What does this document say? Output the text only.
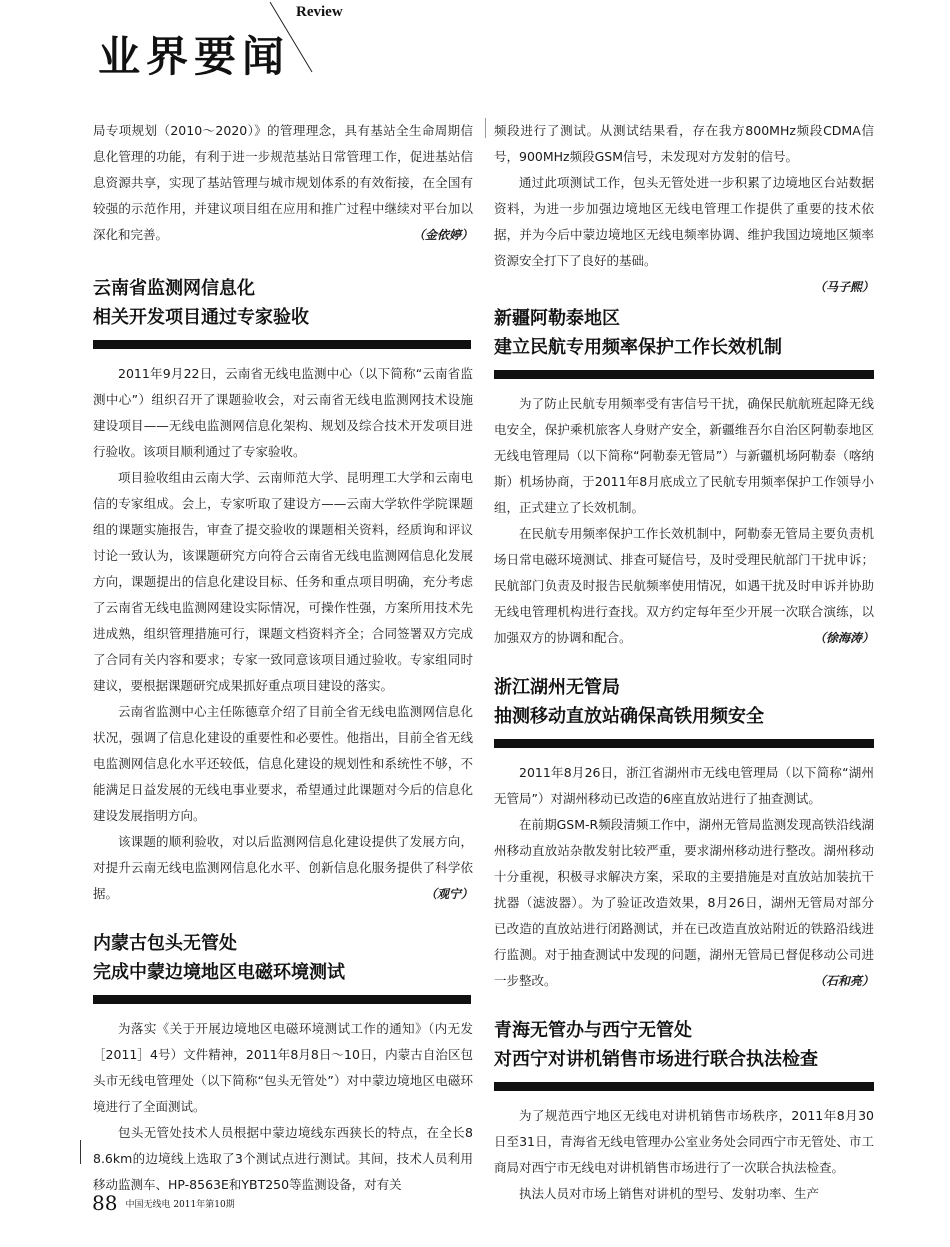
业界要闻
Review

局专项规划（2010～2020）》的管理理念，具有基站全生命周期信息化管理的功能，有利于进一步规范基站日常管理工作，促进基站信息资源共享，实现了基站管理与城市规划体系的有效衔接，在全国有较强的示范作用，并建议项目组在应用和推广过程中继续对平台加以深化和完善。	（金依婷）

云南省监测网信息化
相关开发项目通过专家验收

2011年9月22日，云南省无线电监测中心（以下简称“云南省监测中心”）组织召开了课题验收会，对云南省无线电监测网技术设施建设项目——无线电监测网信息化架构、规划及综合技术开发项目进行验收。该项目顺利通过了专家验收。

项目验收组由云南大学、云南师范大学、昆明理工大学和云南电信的专家组成。会上，专家听取了建设方——云南大学软件学院课题组的课题实施报告，审查了提交验收的课题相关资料，经质询和评议讨论一致认为，该课题研究方向符合云南省无线电监测网信息化发展方向，课题提出的信息化建设目标、任务和重点项目明确，充分考虑了云南省无线电监测网建设实际情况，可操作性强，方案所用技术先进成熟，组织管理措施可行，课题文档资料齐全；合同签署双方完成了合同有关内容和要求；专家一致同意该项目通过验收。专家组同时建议，要根据课题研究成果抓好重点项目建设的落实。

云南省监测中心主任陈德章介绍了目前全省无线电监测网信息化状况，强调了信息化建设的重要性和必要性。他指出，目前全省无线电监测网信息化水平还较低，信息化建设的规划性和系统性不够，不能满足日益发展的无线电事业要求，希望通过此课题对今后的信息化建设发展指明方向。

该课题的顺利验收，对以后监测网信息化建设提供了发展方向，对提升云南无线电监测网信息化水平、创新信息化服务提供了科学依据。	（观宁）

内蒙古包头无管处
完成中蒙边境地区电磁环境测试

为落实《关于开展边境地区电磁环境测试工作的通知》（内无发［2011］4号）文件精神，2011年8月8日～10日，内蒙古自治区包头市无线电管理处（以下简称“包头无管处”）对中蒙边境地区电磁环境进行了全面测试。

包头无管处技术人员根据中蒙边境线东西狭长的特点，在全长88.6km的边境线上选取了3个测试点进行测试。其间，技术人员利用移动监测车、HP-8563E和YBT250等监测设备，对有关

频段进行了测试。从测试结果看，存在我方800MHz频段CDMA信号，900MHz频段GSM信号，未发现对方发射的信号。

通过此项测试工作，包头无管处进一步积累了边境地区台站数据资料，为进一步加强边境地区无线电管理工作提供了重要的技术依据，并为今后中蒙边境地区无线电频率协调、维护我国边境地区频率资源安全打下了良好的基础。

（马子熙）
新疆阿勒泰地区
建立民航专用频率保护工作长效机制

为了防止民航专用频率受有害信号干扰，确保民航航班起降无线电安全，保护乘机旅客人身财产安全，新疆维吾尔自治区阿勒泰地区无线电管理局（以下简称“阿勒泰无管局”）与新疆机场阿勒泰（喀纳斯）机场协商，于2011年8月底成立了民航专用频率保护工作领导小组，正式建立了长效机制。

在民航专用频率保护工作长效机制中，阿勒泰无管局主要负责机场日常电磁环境测试、排查可疑信号，及时受理民航部门干扰申诉；民航部门负责及时报告民航频率使用情况，如遇干扰及时申诉并协助无线电管理机构进行查找。双方约定每年至少开展一次联合演练，以加强双方的协调和配合。	（徐海涛）

浙江湖州无管局
抽测移动直放站确保高铁用频安全

2011年8月26日，浙江省湖州市无线电管理局（以下简称“湖州无管局”）对湖州移动已改造的6座直放站进行了抽查测试。

在前期GSM-R频段清频工作中，湖州无管局监测发现高铁沿线湖州移动直放站杂散发射比较严重，要求湖州移动进行整改。湖州移动十分重视，积极寻求解决方案，采取的主要措施是对直放站加装抗干扰器（滤波器）。为了验证改造效果，8月26日，湖州无管局对部分已改造的直放站进行闭路测试，并在已改造直放站附近的铁路沿线进行监测。对于抽查测试中发现的问题，湖州无管局已督促移动公司进一步整改。	（石和亮）

青海无管办与西宁无管处
对西宁对讲机销售市场进行联合执法检查

为了规范西宁地区无线电对讲机销售市场秩序，2011年8月30日至31日，青海省无线电管理办公室业务处会同西宁市无管处、市工商局对西宁市无线电对讲机销售市场进行了一次联合执法检查。

执法人员对市场上销售对讲机的型号、发射功率、生产

88 中国无线电 2011年第10期
